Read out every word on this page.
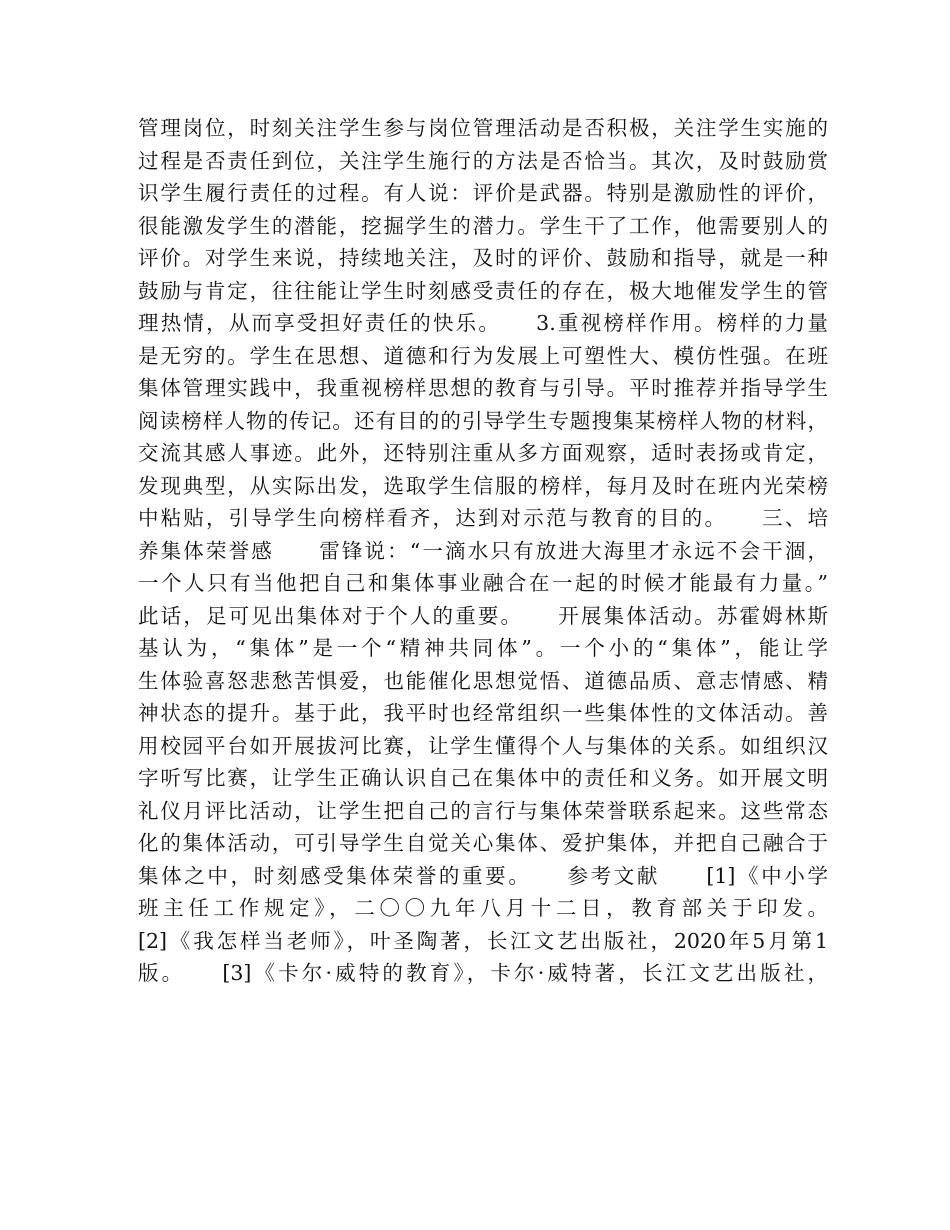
管理岗位，时刻关注学生参与岗位管理活动是否积极，关注学生实施的
过程是否责任到位，关注学生施行的方法是否恰当。其次，及时鼓励赏
识学生履行责任的过程。有人说：评价是武器。特别是激励性的评价，
很能激发学生的潜能，挖掘学生的潜力。学生干了工作，他需要别人的
评价。对学生来说，持续地关注，及时的评价、鼓励和指导，就是一种
鼓励与肯定，往往能让学生时刻感受责任的存在，极大地催发学生的管
理热情，从而享受担好责任的快乐。　　3.重视榜样作用。榜样的力量
是无穷的。学生在思想、道德和行为发展上可塑性大、模仿性强。在班
集体管理实践中，我重视榜样思想的教育与引导。平时推荐并指导学生
阅读榜样人物的传记。还有目的的引导学生专题搜集某榜样人物的材料，
交流其感人事迹。此外，还特别注重从多方面观察，适时表扬或肯定，
发现典型，从实际出发，选取学生信服的榜样，每月及时在班内光荣榜
中粘贴，引导学生向榜样看齐，达到对示范与教育的目的。　　三、培
养集体荣誉感　　雷锋说：“一滴水只有放进大海里才永远不会干涸，
一个人只有当他把自己和集体事业融合在一起的时候才能最有力量。”
此话，足可见出集体对于个人的重要。　　开展集体活动。苏霍姆林斯
基认为，“集体”是一个“精神共同体”。一个小的“集体”，能让学
生体验喜怒悲愁苦惧爱，也能催化思想觉悟、道德品质、意志情感、精
神状态的提升。基于此，我平时也经常组织一些集体性的文体活动。善
用校园平台如开展拔河比赛，让学生懂得个人与集体的关系。如组织汉
字听写比赛，让学生正确认识自己在集体中的责任和义务。如开展文明
礼仪月评比活动，让学生把自己的言行与集体荣誉联系起来。这些常态
化的集体活动，可引导学生自觉关心集体、爱护集体，并把自己融合于
集体之中，时刻感受集体荣誉的重要。　　参考文献　　[1]《中小学
班主任工作规定》，二〇〇九年八月十二日，教育部关于印发。
[2]《我怎样当老师》，叶圣陶著，长江文艺出版社，2020年5月第1
版。　　[3]《卡尔·威特的教育》，卡尔·威特著，长江文艺出版社，
